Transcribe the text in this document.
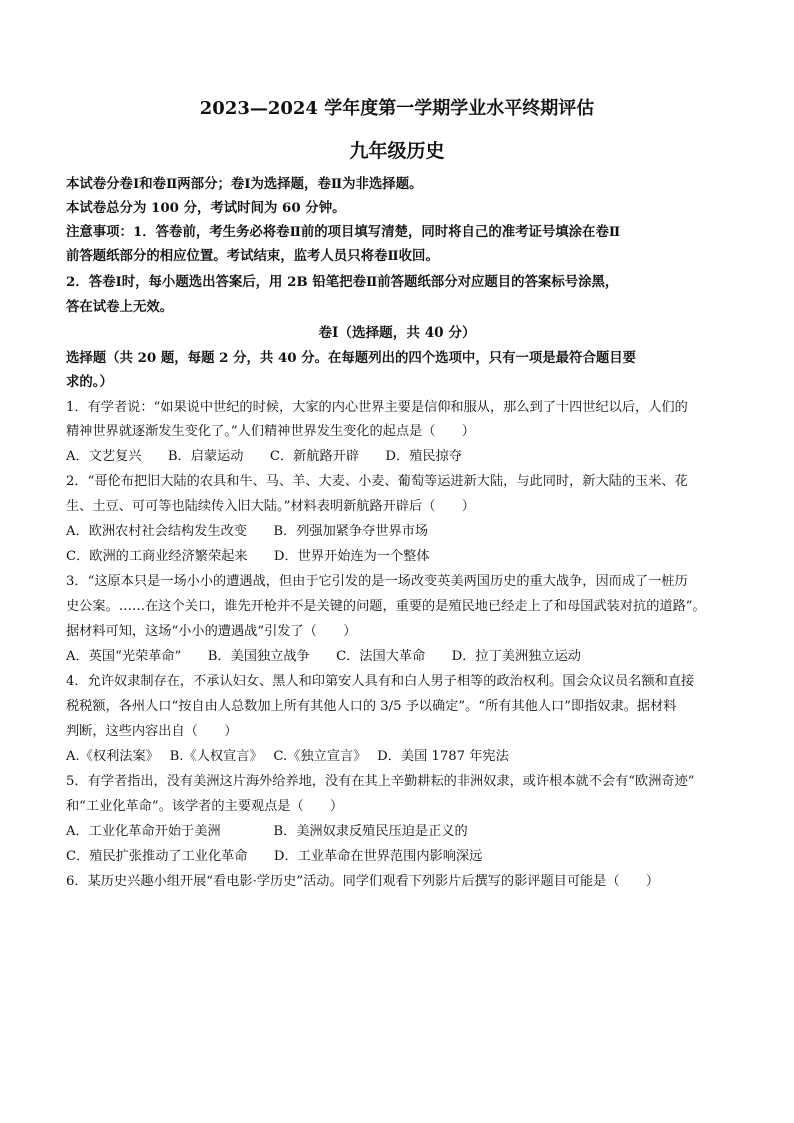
2023—2024 学年度第一学期学业水平终期评估
九年级历史
本试卷分卷Ⅰ和卷Ⅱ两部分；卷Ⅰ为选择题，卷Ⅱ为非选择题。
本试卷总分为 100 分，考试时间为 60 分钟。
注意事项：1．答卷前，考生务必将卷Ⅱ前的项目填写清楚，同时将自己的准考证号填涂在卷Ⅱ
前答题纸部分的相应位置。考试结束，监考人员只将卷Ⅱ收回。
2．答卷Ⅰ时，每小题选出答案后，用 2B 铅笔把卷Ⅱ前答题纸部分对应题目的答案标号涂黑，
答在试卷上无效。
卷Ⅰ（选择题，共 40 分）
选择题（共 20 题，每题 2 分，共 40 分。在每题列出的四个选项中，只有一项是最符合题目要
求的。）
1．有学者说：“如果说中世纪的时候，大家的内心世界主要是信仰和服从，那么到了十四世纪以后，人们的
精神世界就逐渐发生变化了。”人们精神世界发生变化的起点是（　　）
A．文艺复兴　　B．启蒙运动　　C．新航路开辟　　D．殖民掠夺
2．“哥伦布把旧大陆的农具和牛、马、羊、大麦、小麦、葡萄等运进新大陆，与此同时，新大陆的玉米、花
生、土豆、可可等也陆续传入旧大陆。”材料表明新航路开辟后（　　）
A．欧洲农村社会结构发生改变　　B．列强加紧争夺世界市场
C．欧洲的工商业经济繁荣起来　　D．世界开始连为一个整体
3．“这原本只是一场小小的遭遇战，但由于它引发的是一场改变英美两国历史的重大战争，因而成了一桩历
史公案。……在这个关口，谁先开枪并不是关键的问题，重要的是殖民地已经走上了和母国武装对抗的道路”。
据材料可知，这场“小小的遭遇战”引发了（　　）
A．英国“光荣革命”　　B．美国独立战争　　C．法国大革命　　D．拉丁美洲独立运动
4．允许奴隶制存在，不承认妇女、黑人和印第安人具有和白人男子相等的政治权利。国会众议员名额和直接
税税额，各州人口“按自由人总数加上所有其他人口的 3/5 予以确定”。“所有其他人口”即指奴隶。据材料
判断，这些内容出自（　　）
A.《权利法案》　 B.《人权宣言》　 C.《独立宣言》　 D．美国 1787 年宪法
5．有学者指出，没有美洲这片海外给养地，没有在其上辛勤耕耘的非洲奴隶，或许根本就不会有“欧洲奇迹”
和“工业化革命”。该学者的主要观点是（　　）
A．工业化革命开始于美洲　　　　B．美洲奴隶反殖民压迫是正义的
C．殖民扩张推动了工业化革命　　D．工业革命在世界范围内影响深远
6．某历史兴趣小组开展“看电影·学历史”活动。同学们观看下列影片后撰写的影评题目可能是（　　）
